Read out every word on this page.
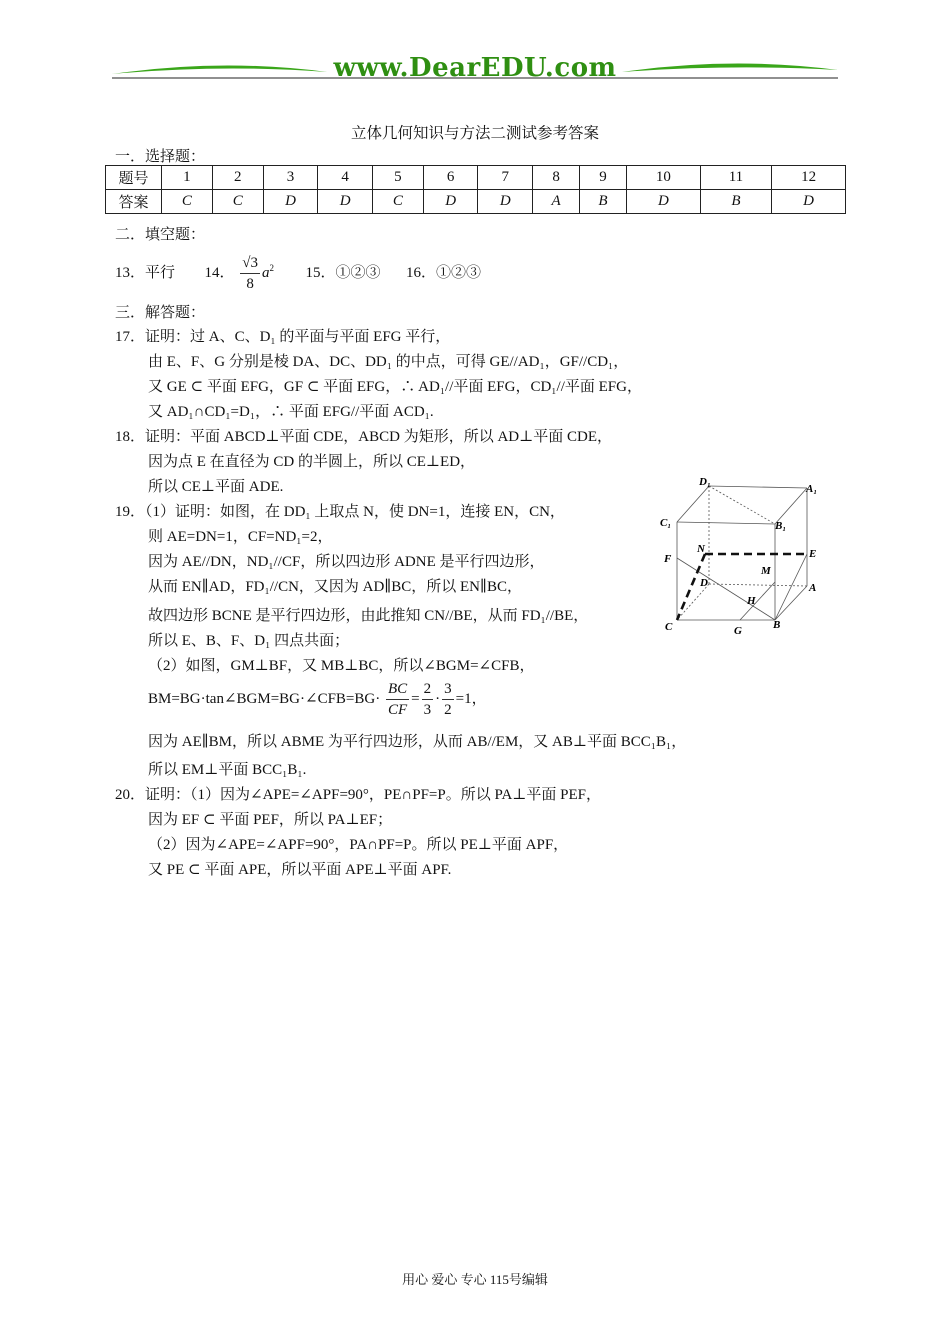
www.DearEDU.com
立体几何知识与方法二测试参考答案
一．选择题：
题号	1	2	3	4	5	6	7	8	9	10	11	12
答案	C	C	D	D	C	D	D	A	B	D	B	D
二．填空题：
13．平行 14． $\frac{√3}{8} a^2$ 15．①②③ 16．①②③
三．解答题：
17．证明：过 A、C、D₁ 的平面与平面 EFG 平行，
由 E、F、G 分别是棱 DA、DC、DD₁ 的中点，可得 GE//AD₁，GF//CD₁，
又 GE ⊂ 平面 EFG，GF ⊂ 平面 EFG，∴ AD₁//平面 EFG，CD₁//平面 EFG，
又 AD₁∩CD₁=D₁，∴ 平面 EFG//平面 ACD₁.
18．证明：平面 ABCD⊥平面 CDE，ABCD 为矩形，所以 AD⊥平面 CDE，
因为点 E 在直径为 CD 的半圆上，所以 CE⊥ED，
所以 CE⊥平面 ADE.
19．（1）证明：如图，在 DD₁ 上取点 N，使 DN=1，连接 EN，CN，
则 AE=DN=1，CF=ND₁=2，
因为 AE//DN，ND₁//CF，所以四边形 ADNE 是平行四边形，
从而 EN∥AD，FD₁//CN，又因为 AD∥BC，所以 EN∥BC，
故四边形 BCNE 是平行四边形，由此推知 CN//BE，从而 FD₁//BE，
所以 E、B、F、D₁ 四点共面；
（2）如图，GM⊥BF，又 MB⊥BC，所以∠BGM=∠CFB，
BM=BG·tan∠BGM=BG·∠CFB=BG· $\frac{BC}{CF} = \frac{2}{3} \cdot \frac{3}{2} =1$，
因为 AE∥BM，所以 ABME 为平行四边形，从而 AB//EM，又 AB⊥平面 BCC₁B₁，
所以 EM⊥平面 BCC₁B₁.
20．证明：（1）因为∠APE=∠APF=90°，PE∩PF=P。所以 PA⊥平面 PEF，
因为 EF ⊂ 平面 PEF，所以 PA⊥EF；
（2）因为∠APE=∠APF=90°，PA∩PF=P。所以 PE⊥平面 APF，
又 PE ⊂ 平面 APE，所以平面 APE⊥平面 APF.
D₁
A₁
C₁	B₁
N	E
F
M
D	A
H
C	G	B
用心 爱心 专心 115号编辑
